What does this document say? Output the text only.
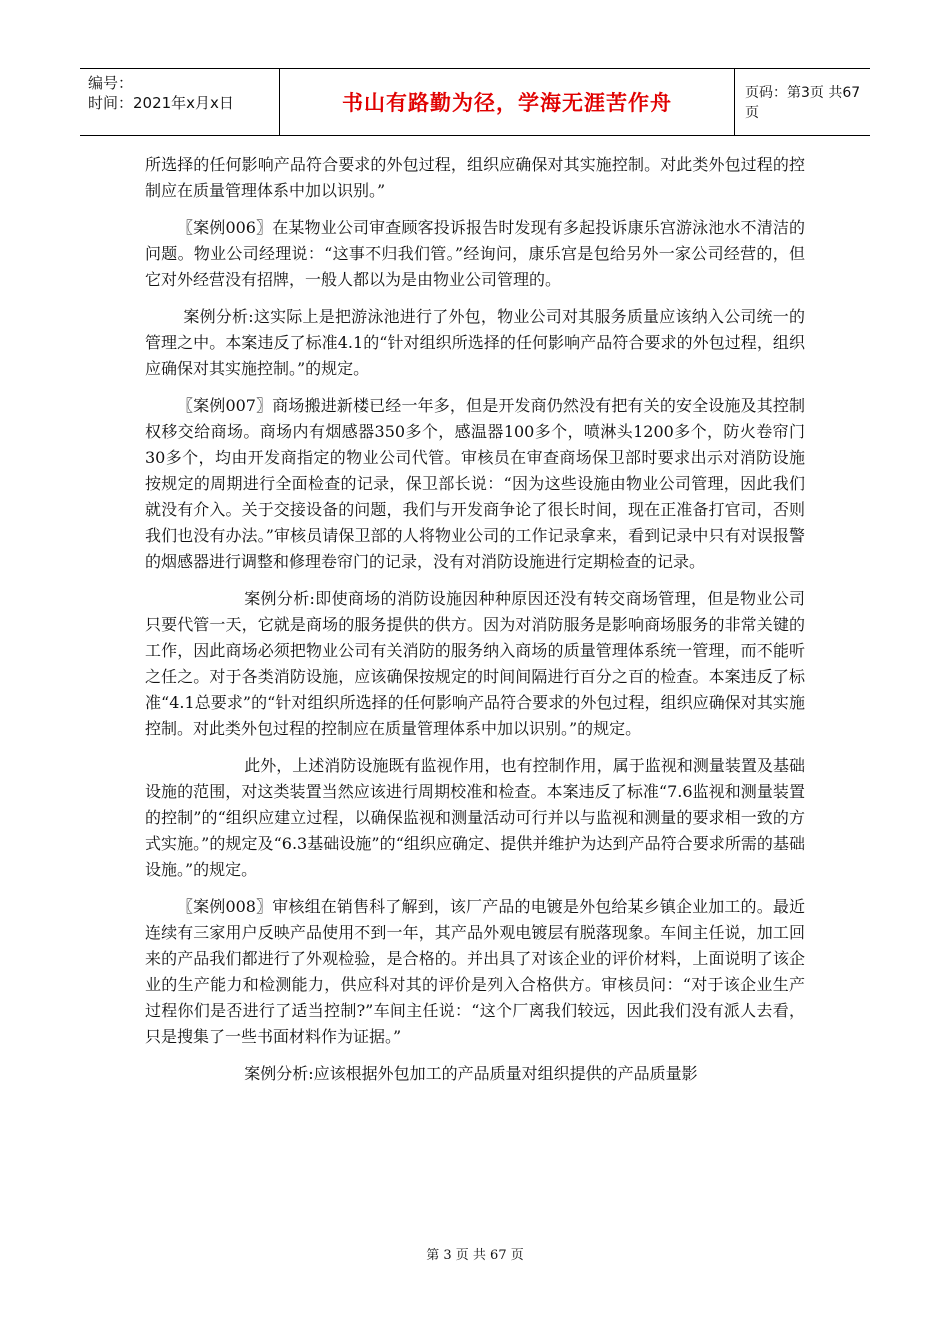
编号：
时间：2021年x月x日	书山有路勤为径，学海无涯苦作舟	页码：第3页 共67页

所选择的任何影响产品符合要求的外包过程，组织应确保对其实施控制。对此类外包过程的控制应在质量管理体系中加以识别。”

〖案例006〗在某物业公司审查顾客投诉报告时发现有多起投诉康乐宫游泳池水不清洁的问题。物业公司经理说：“这事不归我们管。”经询问，康乐宫是包给另外一家公司经营的，但它对外经营没有招牌，一般人都以为是由物业公司管理的。

案例分析:这实际上是把游泳池进行了外包，物业公司对其服务质量应该纳入公司统一的管理之中。本案违反了标准4.1的“针对组织所选择的任何影响产品符合要求的外包过程，组织应确保对其实施控制。”的规定。

〖案例007〗商场搬进新楼已经一年多，但是开发商仍然没有把有关的安全设施及其控制权移交给商场。商场内有烟感器350多个，感温器100多个，喷淋头1200多个，防火卷帘门30多个，均由开发商指定的物业公司代管。审核员在审查商场保卫部时要求出示对消防设施按规定的周期进行全面检查的记录，保卫部长说：“因为这些设施由物业公司管理，因此我们就没有介入。关于交接设备的问题，我们与开发商争论了很长时间，现在正准备打官司，否则我们也没有办法。”审核员请保卫部的人将物业公司的工作记录拿来，看到记录中只有对误报警的烟感器进行调整和修理卷帘门的记录，没有对消防设施进行定期检查的记录。

案例分析:即使商场的消防设施因种种原因还没有转交商场管理，但是物业公司只要代管一天，它就是商场的服务提供的供方。因为对消防服务是影响商场服务的非常关键的工作，因此商场必须把物业公司有关消防的服务纳入商场的质量管理体系统一管理，而不能听之任之。对于各类消防设施，应该确保按规定的时间间隔进行百分之百的检查。本案违反了标准“4.1总要求”的“针对组织所选择的任何影响产品符合要求的外包过程，组织应确保对其实施控制。对此类外包过程的控制应在质量管理体系中加以识别。”的规定。

此外，上述消防设施既有监视作用，也有控制作用，属于监视和测量装置及基础设施的范围，对这类装置当然应该进行周期校准和检查。本案违反了标准“7.6监视和测量装置的控制”的“组织应建立过程，以确保监视和测量活动可行并以与监视和测量的要求相一致的方式实施。”的规定及“6.3基础设施”的“组织应确定、提供并维护为达到产品符合要求所需的基础设施。”的规定。

〖案例008〗审核组在销售科了解到，该厂产品的电镀是外包给某乡镇企业加工的。最近连续有三家用户反映产品使用不到一年，其产品外观电镀层有脱落现象。车间主任说，加工回来的产品我们都进行了外观检验，是合格的。并出具了对该企业的评价材料，上面说明了该企业的生产能力和检测能力，供应科对其的评价是列入合格供方。审核员问：“对于该企业生产过程你们是否进行了适当控制?”车间主任说：“这个厂离我们较远，因此我们没有派人去看，只是搜集了一些书面材料作为证据。”

案例分析:应该根据外包加工的产品质量对组织提供的产品质量影

第 3 页 共 67 页
